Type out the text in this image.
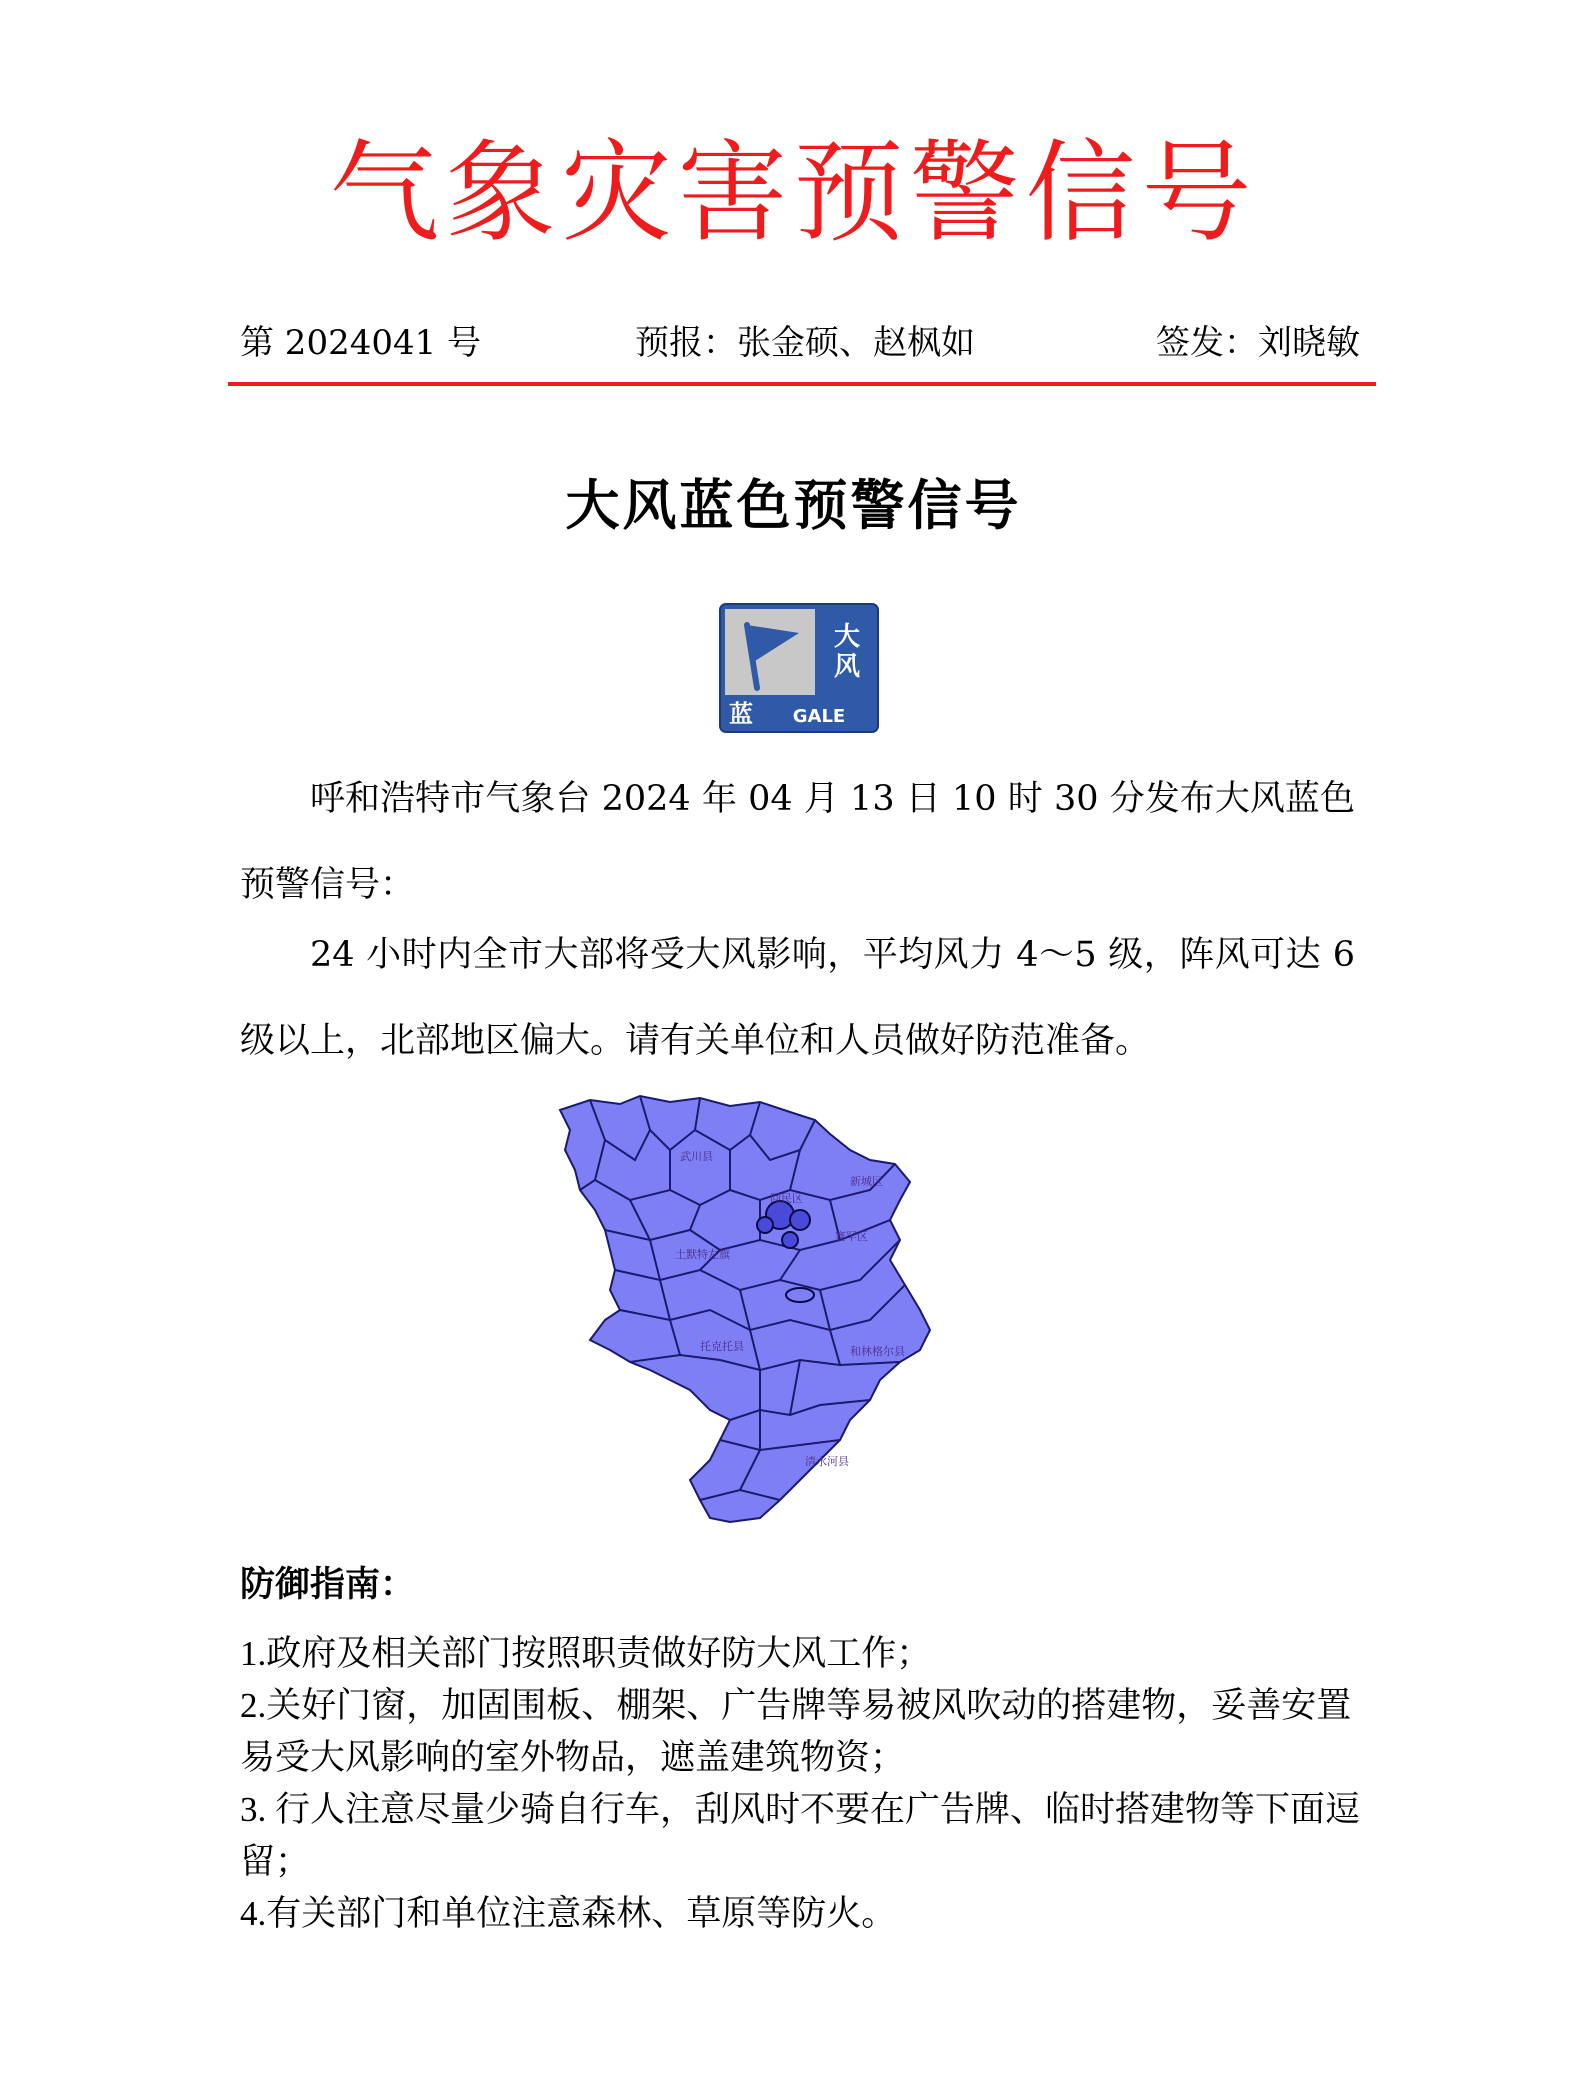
气象灾害预警信号
第 2024041 号	预报：张金硕、赵枫如	签发：刘晓敏
大风蓝色预警信号
大
风
蓝 GALE
呼和浩特市气象台 2024 年 04 月 13 日 10 时 30 分发布大风蓝色预警信号：
24 小时内全市大部将受大风影响，平均风力 4～5 级，阵风可达 6 级以上，北部地区偏大。请有关单位和人员做好防范准备。
武川县
新城区
回民区
赛罕区
土默特左旗
托克托县	和林格尔县
清水河县
防御指南：
1.政府及相关部门按照职责做好防大风工作；
2.关好门窗，加固围板、棚架、广告牌等易被风吹动的搭建物，妥善安置易受大风影响的室外物品，遮盖建筑物资；
3. 行人注意尽量少骑自行车，刮风时不要在广告牌、临时搭建物等下面逗留；
4.有关部门和单位注意森林、草原等防火。
